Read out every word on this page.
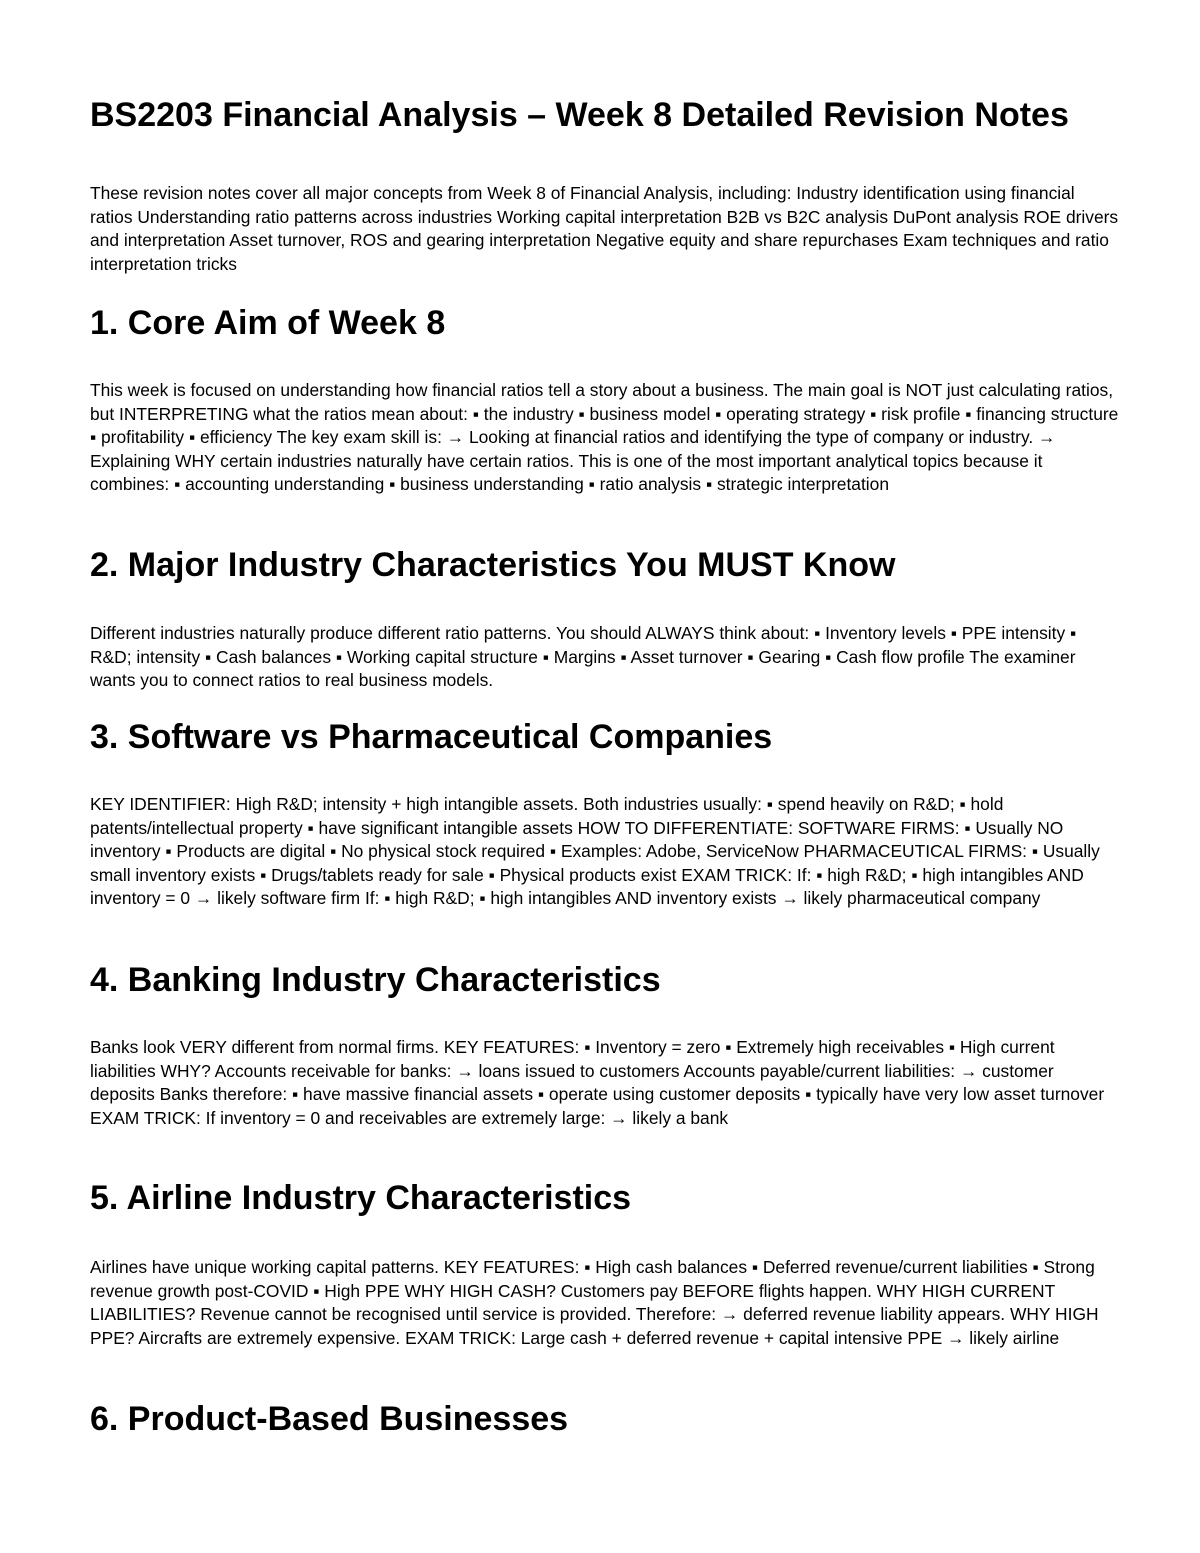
BS2203 Financial Analysis – Week 8 Detailed Revision Notes

These revision notes cover all major concepts from Week 8 of Financial Analysis, including: Industry identification using financial ratios Understanding ratio patterns across industries Working capital interpretation B2B vs B2C analysis DuPont analysis ROE drivers and interpretation Asset turnover, ROS and gearing interpretation Negative equity and share repurchases Exam techniques and ratio interpretation tricks

1. Core Aim of Week 8

This week is focused on understanding how financial ratios tell a story about a business. The main goal is NOT just calculating ratios, but INTERPRETING what the ratios mean about: ▪ the industry ▪ business model ▪ operating strategy ▪ risk profile ▪ financing structure ▪ profitability ▪ efficiency The key exam skill is: → Looking at financial ratios and identifying the type of company or industry. → Explaining WHY certain industries naturally have certain ratios. This is one of the most important analytical topics because it combines: ▪ accounting understanding ▪ business understanding ▪ ratio analysis ▪ strategic interpretation

2. Major Industry Characteristics You MUST Know

Different industries naturally produce different ratio patterns. You should ALWAYS think about: ▪ Inventory levels ▪ PPE intensity ▪ R&D; intensity ▪ Cash balances ▪ Working capital structure ▪ Margins ▪ Asset turnover ▪ Gearing ▪ Cash flow profile The examiner wants you to connect ratios to real business models.

3. Software vs Pharmaceutical Companies

KEY IDENTIFIER: High R&D; intensity + high intangible assets. Both industries usually: ▪ spend heavily on R&D; ▪ hold patents/intellectual property ▪ have significant intangible assets HOW TO DIFFERENTIATE: SOFTWARE FIRMS: ▪ Usually NO inventory ▪ Products are digital ▪ No physical stock required ▪ Examples: Adobe, ServiceNow PHARMACEUTICAL FIRMS: ▪ Usually small inventory exists ▪ Drugs/tablets ready for sale ▪ Physical products exist EXAM TRICK: If: ▪ high R&D; ▪ high intangibles AND inventory = 0 → likely software firm If: ▪ high R&D; ▪ high intangibles AND inventory exists → likely pharmaceutical company

4. Banking Industry Characteristics

Banks look VERY different from normal firms. KEY FEATURES: ▪ Inventory = zero ▪ Extremely high receivables ▪ High current liabilities WHY? Accounts receivable for banks: → loans issued to customers Accounts payable/current liabilities: → customer deposits Banks therefore: ▪ have massive financial assets ▪ operate using customer deposits ▪ typically have very low asset turnover EXAM TRICK: If inventory = 0 and receivables are extremely large: → likely a bank

5. Airline Industry Characteristics

Airlines have unique working capital patterns. KEY FEATURES: ▪ High cash balances ▪ Deferred revenue/current liabilities ▪ Strong revenue growth post-COVID ▪ High PPE WHY HIGH CASH? Customers pay BEFORE flights happen. WHY HIGH CURRENT LIABILITIES? Revenue cannot be recognised until service is provided. Therefore: → deferred revenue liability appears. WHY HIGH PPE? Aircrafts are extremely expensive. EXAM TRICK: Large cash + deferred revenue + capital intensive PPE → likely airline

6. Product-Based Businesses
